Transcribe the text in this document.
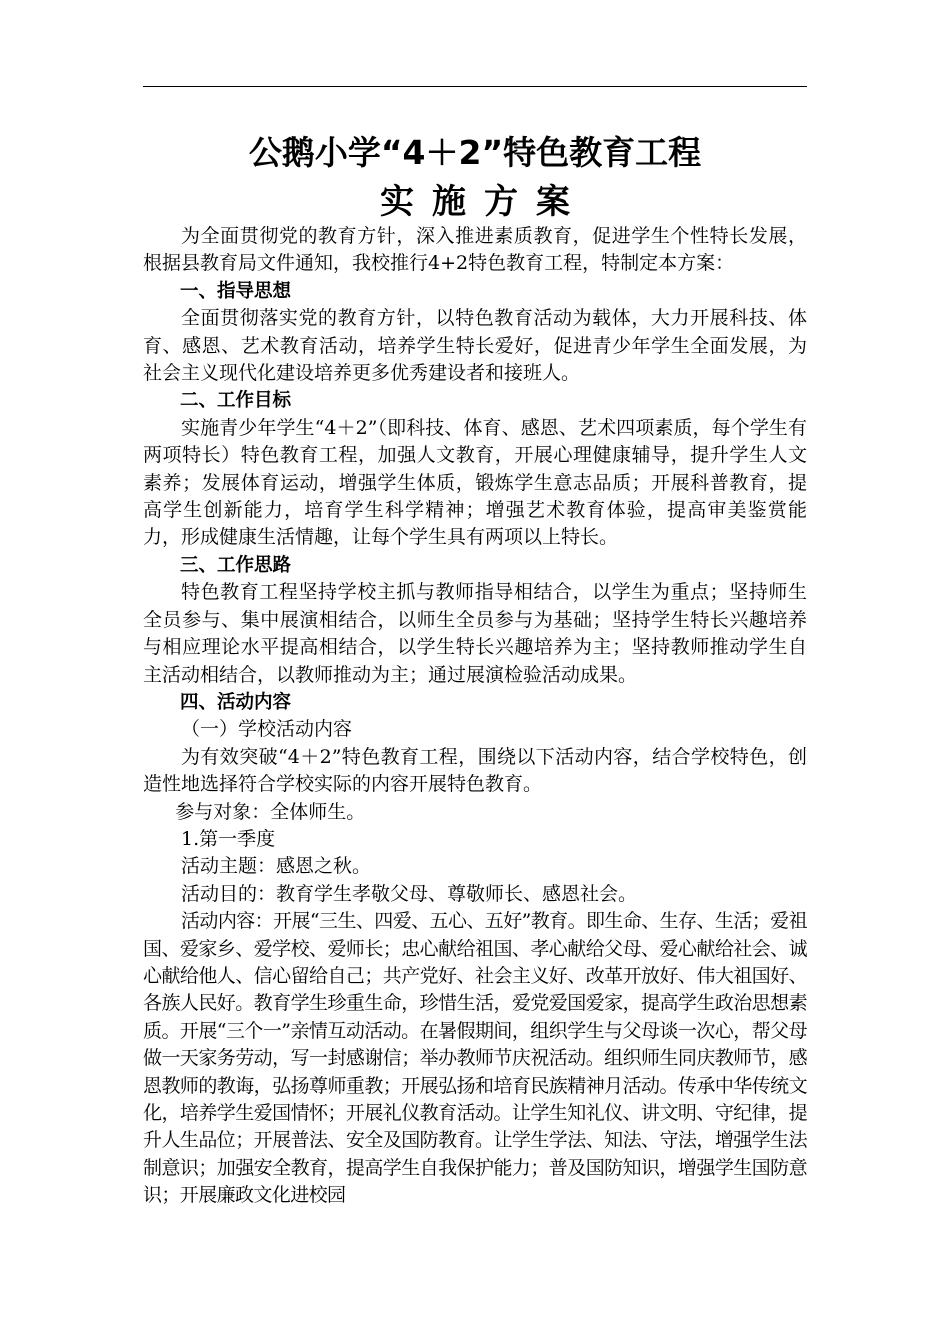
公鹅小学“4＋2”特色教育工程
实施方案

为全面贯彻党的教育方针，深入推进素质教育，促进学生个性特长发展，根据县教育局文件通知，我校推行4+2特色教育工程，特制定本方案：

一、指导思想

全面贯彻落实党的教育方针，以特色教育活动为载体，大力开展科技、体育、感恩、艺术教育活动，培养学生特长爱好，促进青少年学生全面发展，为社会主义现代化建设培养更多优秀建设者和接班人。

二、工作目标

实施青少年学生“4＋2”（即科技、体育、感恩、艺术四项素质，每个学生有两项特长）特色教育工程，加强人文教育，开展心理健康辅导，提升学生人文素养；发展体育运动，增强学生体质，锻炼学生意志品质；开展科普教育，提高学生创新能力，培育学生科学精神；增强艺术教育体验，提高审美鉴赏能力，形成健康生活情趣，让每个学生具有两项以上特长。

三、工作思路

特色教育工程坚持学校主抓与教师指导相结合，以学生为重点；坚持师生全员参与、集中展演相结合，以师生全员参与为基础；坚持学生特长兴趣培养与相应理论水平提高相结合，以学生特长兴趣培养为主；坚持教师推动学生自主活动相结合，以教师推动为主；通过展演检验活动成果。

四、活动内容

（一）学校活动内容

为有效突破“4＋2”特色教育工程，围绕以下活动内容，结合学校特色，创造性地选择符合学校实际的内容开展特色教育。

参与对象：全体师生。

1.第一季度

活动主题：感恩之秋。

活动目的：教育学生孝敬父母、尊敬师长、感恩社会。

活动内容：开展“三生、四爱、五心、五好”教育。即生命、生存、生活；爱祖国、爱家乡、爱学校、爱师长；忠心献给祖国、孝心献给父母、爱心献给社会、诚心献给他人、信心留给自己；共产党好、社会主义好、改革开放好、伟大祖国好、各族人民好。教育学生珍重生命，珍惜生活，爱党爱国爱家，提高学生政治思想素质。开展“三个一”亲情互动活动。在暑假期间，组织学生与父母谈一次心，帮父母做一天家务劳动，写一封感谢信；举办教师节庆祝活动。组织师生同庆教师节，感恩教师的教诲，弘扬尊师重教；开展弘扬和培育民族精神月活动。传承中华传统文化，培养学生爱国情怀；开展礼仪教育活动。让学生知礼仪、讲文明、守纪律，提升人生品位；开展普法、安全及国防教育。让学生学法、知法、守法，增强学生法制意识；加强安全教育，提高学生自我保护能力；普及国防知识，增强学生国防意识；开展廉政文化进校园
